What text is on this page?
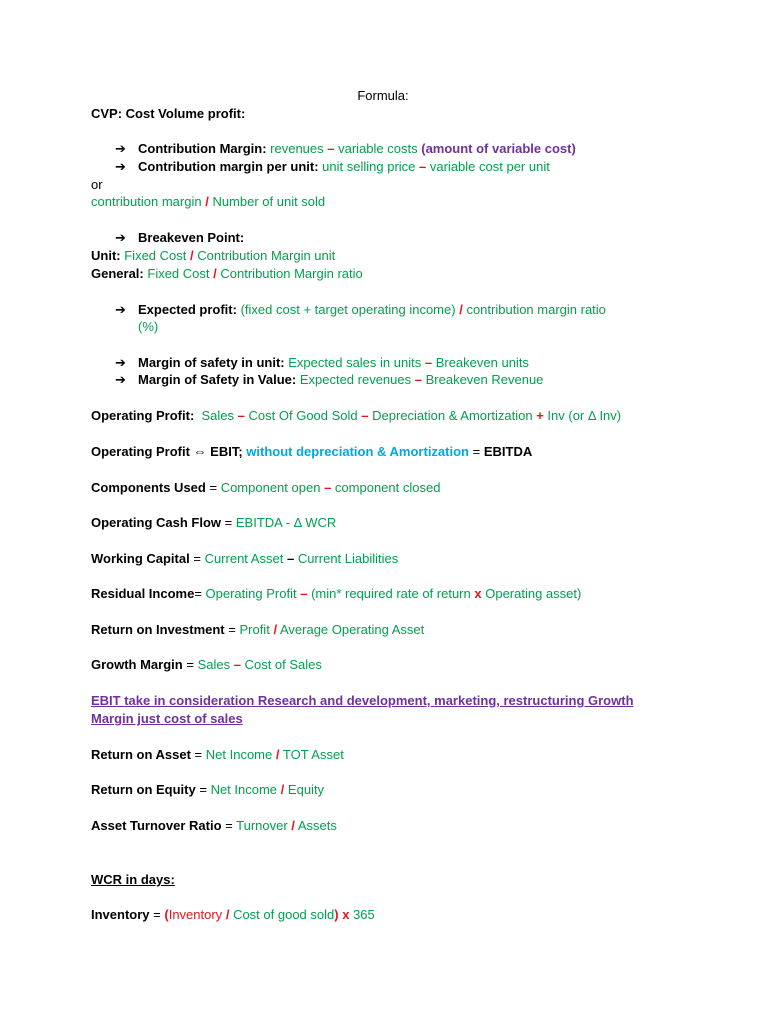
Formula:
CVP: Cost Volume profit:
➔ Contribution Margin: revenues – variable costs (amount of variable cost)
➔ Contribution margin per unit: unit selling price – variable cost per unit
or
contribution margin / Number of unit sold
➔ Breakeven Point:
Unit: Fixed Cost / Contribution Margin unit
General: Fixed Cost / Contribution Margin ratio
➔ Expected profit: (fixed cost + target operating income) / contribution margin ratio
(%)
➔ Margin of safety in unit: Expected sales in units – Breakeven units
➔ Margin of Safety in Value: Expected revenues – Breakeven Revenue
Operating Profit: Sales – Cost Of Good Sold – Depreciation & Amortization + Inv (or Δ Inv)
Operating Profit ⇔ EBIT; without depreciation & Amortization = EBITDA
Components Used = Component open – component closed
Operating Cash Flow = EBITDA - Δ WCR
Working Capital = Current Asset – Current Liabilities
Residual Income= Operating Profit – (min* required rate of return x Operating asset)
Return on Investment = Profit / Average Operating Asset
Growth Margin = Sales – Cost of Sales
EBIT take in consideration Research and development, marketing, restructuring Growth
Margin just cost of sales
Return on Asset = Net Income / TOT Asset
Return on Equity = Net Income / Equity
Asset Turnover Ratio = Turnover / Assets
WCR in days:
Inventory = (Inventory / Cost of good sold) x 365
